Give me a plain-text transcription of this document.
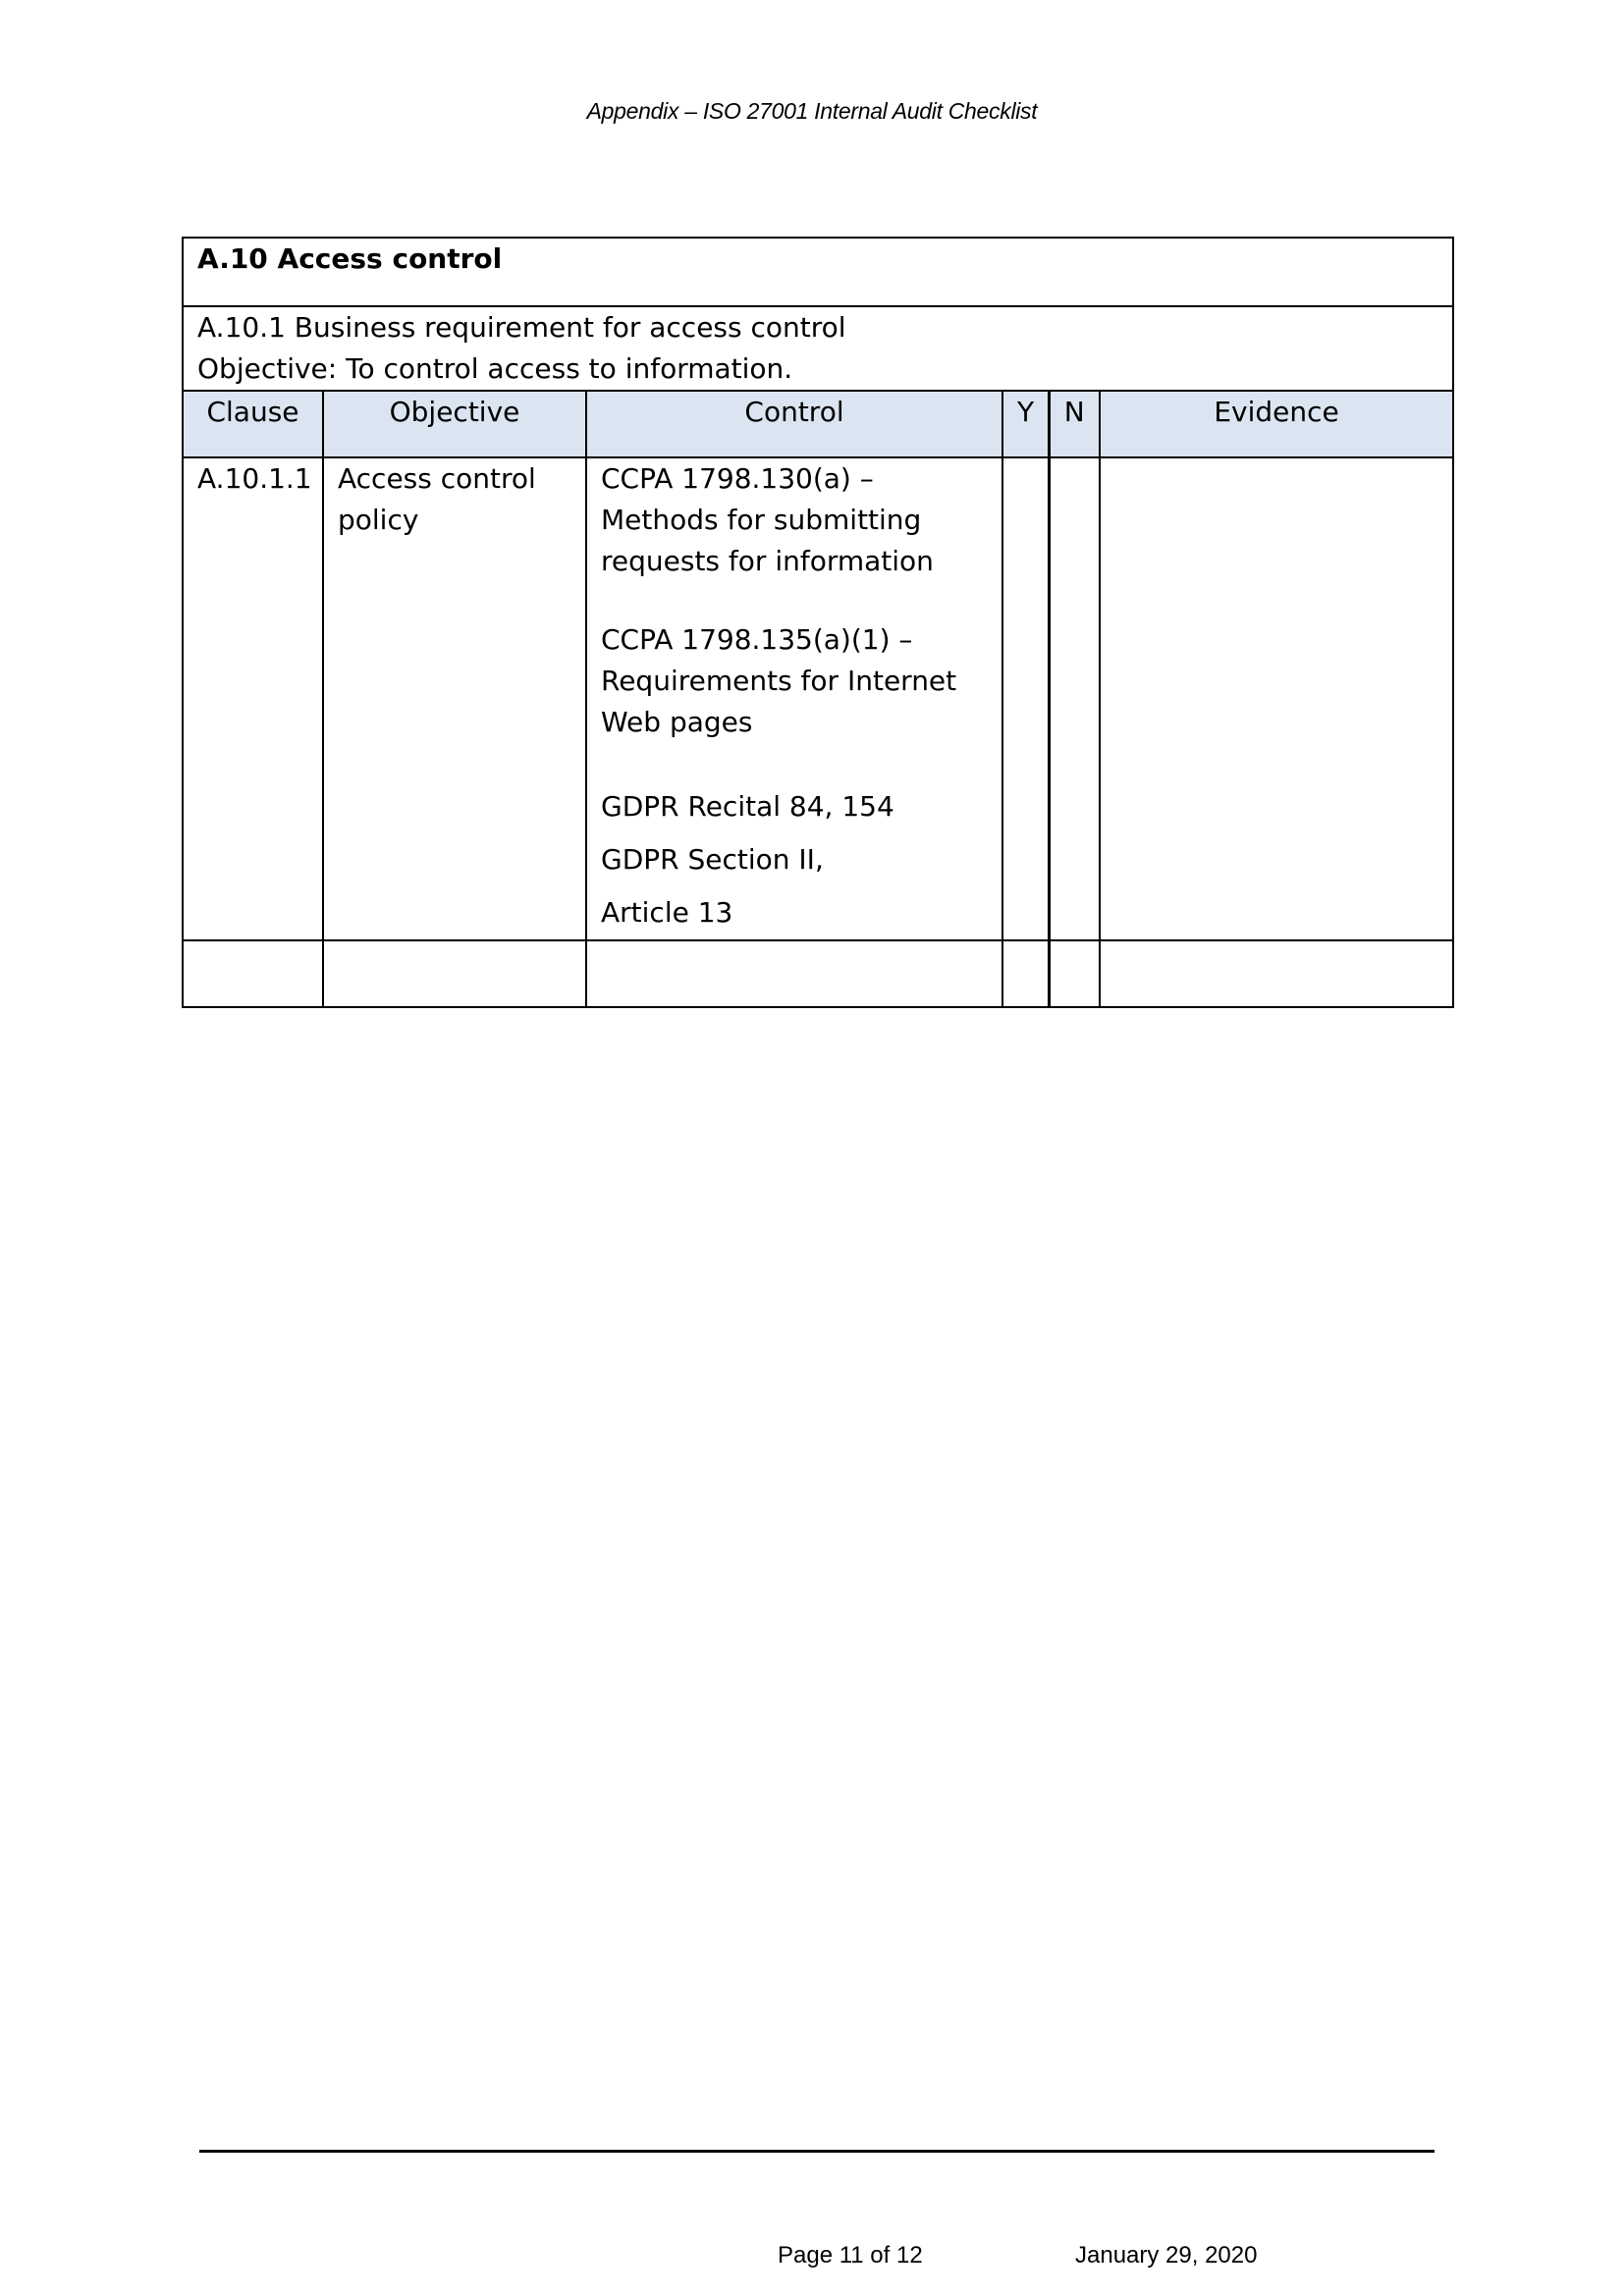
Appendix – ISO 27001 Internal Audit Checklist
A.10 Access control					

A.10.1 Business requirement for access control
Objective: To control access to information.					

Clause	Objective	Control	Y	N	Evidence
A.10.1.1	Access control policy	CCPA 1798.130(a) – Methods for submitting requests for information
CCPA 1798.135(a)(1) – Requirements for Internet Web pages
GDPR Recital 84, 154
GDPR Section II,
Article 13			

Page 11 of 12	January 29, 2020
